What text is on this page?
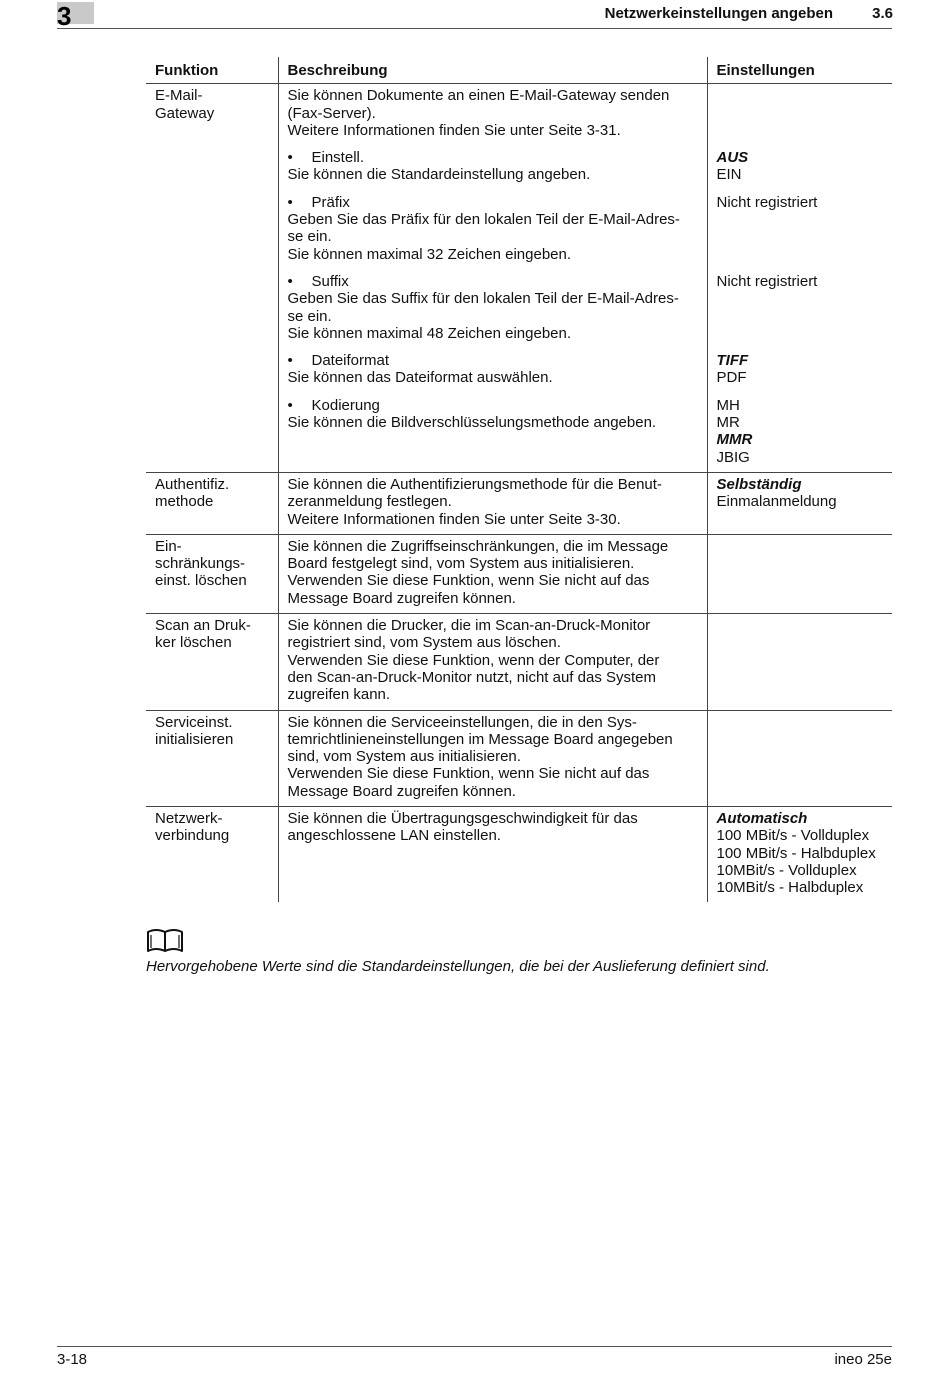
3	Netzwerkeinstellungen angeben	3.6
Funktion	Beschreibung	Einstellungen

E-Mail-
Gateway	Sie können Dokumente an einen E-Mail-Gateway senden
(Fax-Server).
Weitere Informationen finden Sie unter Seite 3-31.	

	• Einstell.
Sie können die Standardeinstellung angeben.	AUS
EIN

	• Präfix
Geben Sie das Präfix für den lokalen Teil der E-Mail-Adres-
se ein.
Sie können maximal 32 Zeichen eingeben.	Nicht registriert

	• Suffix
Geben Sie das Suffix für den lokalen Teil der E-Mail-Adres-
se ein.
Sie können maximal 48 Zeichen eingeben.	Nicht registriert

	• Dateiformat
Sie können das Dateiformat auswählen.	TIFF
PDF

	• Kodierung
Sie können die Bildverschlüsselungsmethode angeben.	MH
MR
MMR
JBIG

Authentifiz.
methode	Sie können die Authentifizierungsmethode für die Benut-
zeranmeldung festlegen.
Weitere Informationen finden Sie unter Seite 3-30.	Selbständig
Einmalanmeldung

Ein-
schränkungs-
einst. löschen	Sie können die Zugriffseinschränkungen, die im Message
Board festgelegt sind, vom System aus initialisieren.
Verwenden Sie diese Funktion, wenn Sie nicht auf das
Message Board zugreifen können.	

Scan an Druk-
ker löschen	Sie können die Drucker, die im Scan-an-Druck-Monitor
registriert sind, vom System aus löschen.
Verwenden Sie diese Funktion, wenn der Computer, der
den Scan-an-Druck-Monitor nutzt, nicht auf das System
zugreifen kann.	

Serviceinst.
initialisieren	Sie können die Serviceeinstellungen, die in den Sys-
temrichtlinieneinstellungen im Message Board angegeben
sind, vom System aus initialisieren.
Verwenden Sie diese Funktion, wenn Sie nicht auf das
Message Board zugreifen können.	

Netzwerk-
verbindung	Sie können die Übertragungsgeschwindigkeit für das
angeschlossene LAN einstellen.	Automatisch
100 MBit/s - Vollduplex
100 MBit/s - Halbduplex
10MBit/s - Vollduplex
10MBit/s - Halbduplex
Hervorgehobene Werte sind die Standardeinstellungen, die bei der Auslieferung definiert sind.
3-18	ineo 25e
